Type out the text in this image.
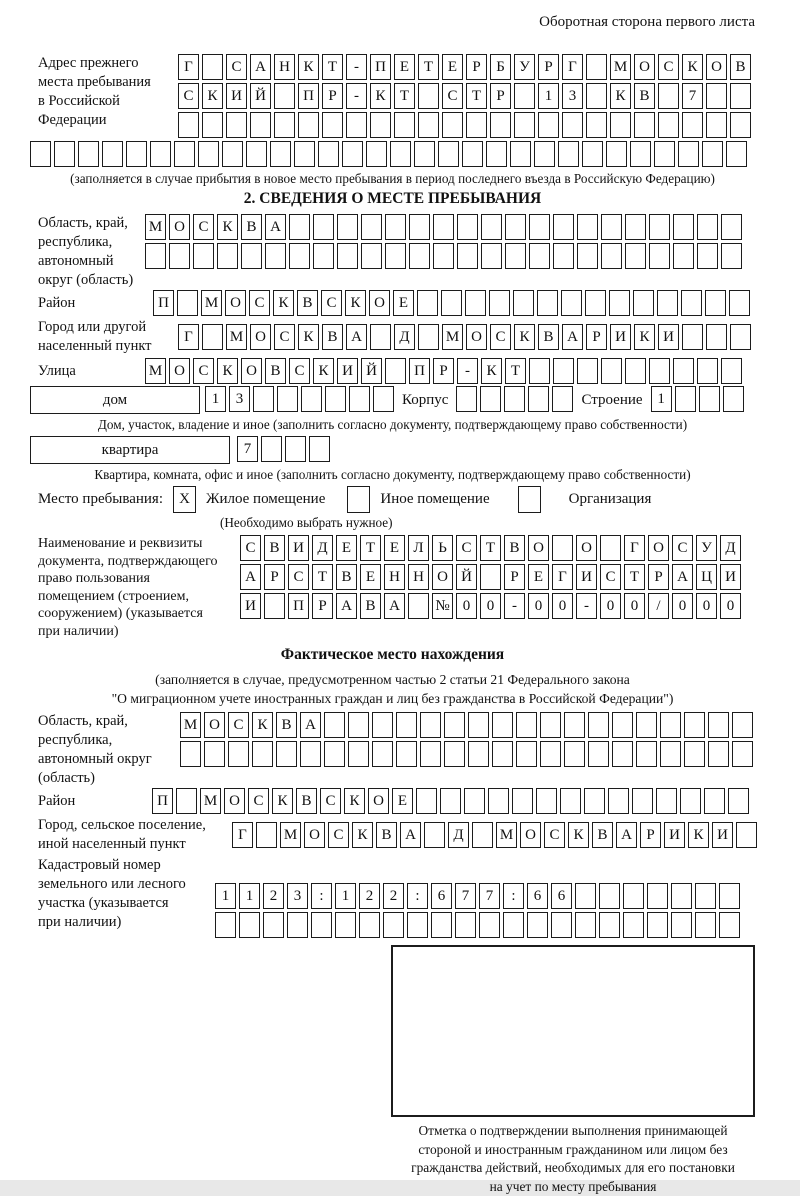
Оборотная сторона первого листа
Адрес прежнего
места пребывания
в Российской
Федерации
Г	С А Н К Т	-	П Е Т Е	Р	Б У Р	Г	М О С К О В
С К И Й	П Р	-	К Т	С Т	Р	1	3	К В	7
(заполняется в случае прибытия в новое место пребывания в период последнего въезда в Российскую Федерацию)
2. СВЕДЕНИЯ О МЕСТЕ ПРЕБЫВАНИЯ
Область, край,
республика,
автономный
округ (область)
М О С К В А
Район	П	М О С К В С К О Е
Город или другой
населенный пункт
Г	М О С К В А	Д	М О С К В А Р И К И
Улица	М О С К О В С К И Й	П Р	-	К Т
дом	1	3	Корпус	Строение 1
Дом, участок, владение и иное (заполнить согласно документу, подтверждающему право собственности)
квартира	7
Квартира, комната, офис и иное (заполнить согласно документу, подтверждающему право собственности)
Место пребывания: X Жилое помещение	Иное помещение	Организация
(Необходимо выбрать нужное)
Наименование и реквизиты
документа, подтверждающего
право пользования
помещением (строением,
сооружением) (указывается
при наличии)
С В И Д Е Т Е Л Ь С Т В О	О	Г О С У Д
А Р С Т В Е Н Н О Й	Р	Е	Г И С Т	Р А Ц И
И	П Р А В А	№ 0	0	-	0	0	-	0	0	/	0	0	0
Фактическое место нахождения
(заполняется в случае, предусмотренном частью 2 статьи 21 Федерального закона
"О миграционном учете иностранных граждан и лиц без гражданства в Российской Федерации")
Область, край,
республика,
автономный округ
(область)
М О С К В А
Район	П	М О С К В С К О Е
Город, сельское поселение,
иной населенный пункт
Г	М О С К В А	Д	М О С К В А Р И К И
Кадастровый номер
земельного или лесного
участка (указывается
при наличии)
1	1	2	3	:	1	2	2	:	6	7	7	:	6	6
Отметка о подтверждении выполнения принимающей
стороной и иностранным гражданином или лицом без
гражданства действий, необходимых для его постановки
на учет по месту пребывания
